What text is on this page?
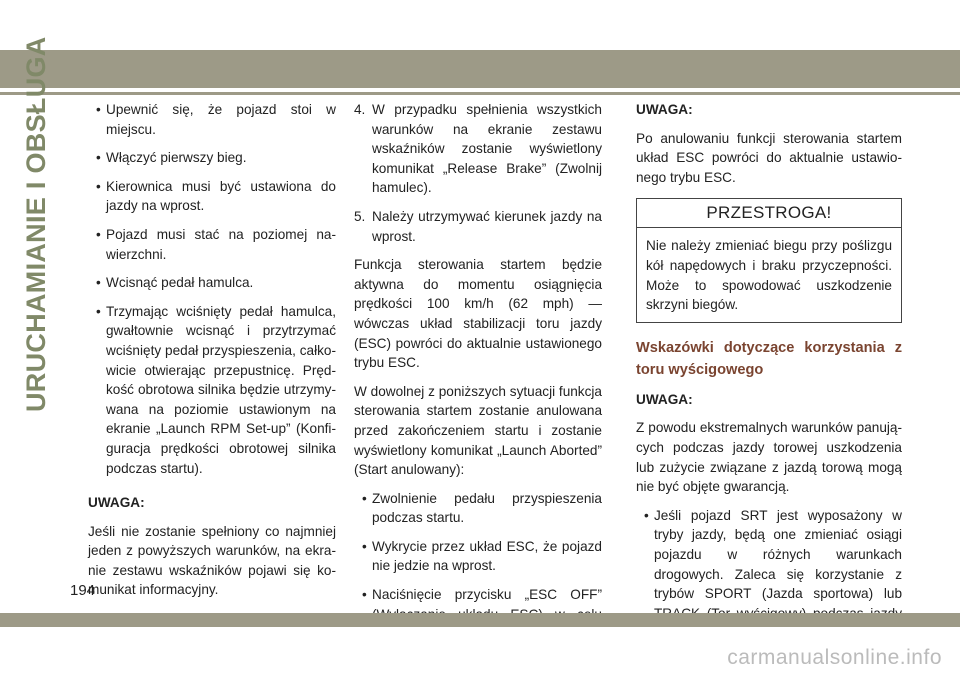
URUCHAMIANIE I OBSŁUGA
•	Upewnić się, że pojazd stoi w miejscu.
• Włączyć pierwszy bieg.
• Kierownica musi być ustawiona do jazdy na wprost.
• Pojazd musi stać na poziomej nawierzchni.
• Wcisnąć pedał hamulca.
• Trzymając wciśnięty pedał hamulca, gwałtownie wcisnąć i przytrzymać wciśnięty pedał przyspieszenia, całkowicie otwierając przepustnicę. Prędkość obrotowa silnika będzie utrzymywana na poziomie ustawionym na ekranie „Launch RPM Set-up” (Konfiguracja prędkości obrotowej silnika podczas startu).

UWAGA:

Jeśli nie zostanie spełniony co najmniej jeden z powyższych warunków, na ekranie zestawu wskaźników pojawi się komunikat informacyjny.

4. W przypadku spełnienia wszystkich warunków na ekranie zestawu wskaźników zostanie wyświetlony komunikat „Release Brake” (Zwolnij hamulec).
5. Należy utrzymywać kierunek jazdy na wprost.

Funkcja sterowania startem będzie aktywna do momentu osiągnięcia prędkości 100 km/h (62 mph) — wówczas układ stabilizacji toru jazdy (ESC) powróci do aktualnie ustawionego trybu ESC.

W dowolnej z poniższych sytuacji funkcja sterowania startem zostanie anulowana przed zakończeniem startu i zostanie wyświetlony komunikat „Launch Aborted” (Start anulowany):

• Zwolnienie pedału przyspieszenia podczas startu.
• Wykrycie przez układ ESC, że pojazd nie jedzie na wprost.
• Naciśnięcie przycisku „ESC OFF”

UWAGA:

Po anulowaniu funkcji sterowania startem układ ESC powróci do aktualnie ustawionego trybu ESC.

PRZESTROGA!
Nie należy zmieniać biegu przy poślizgu kół napędowych i braku przyczepności. Może to spowodować uszkodzenie skrzyni biegów.

Wskazówki dotyczące korzystania z toru wyścigowego

UWAGA:

Z powodu ekstremalnych warunków panujących podczas jazdy torowej uszkodzenia lub zużycie związane z jazdą torową mogą nie być objęte gwarancją.

• Jeśli pojazd SRT jest wyposażony w tryby jazdy, będą one zmieniać osiągi pojazdu w różnych warunkach drogowych. Zaleca się korzystanie z trybów SPORT (Jazda sportowa) lub
194
carmanualsonline.info
